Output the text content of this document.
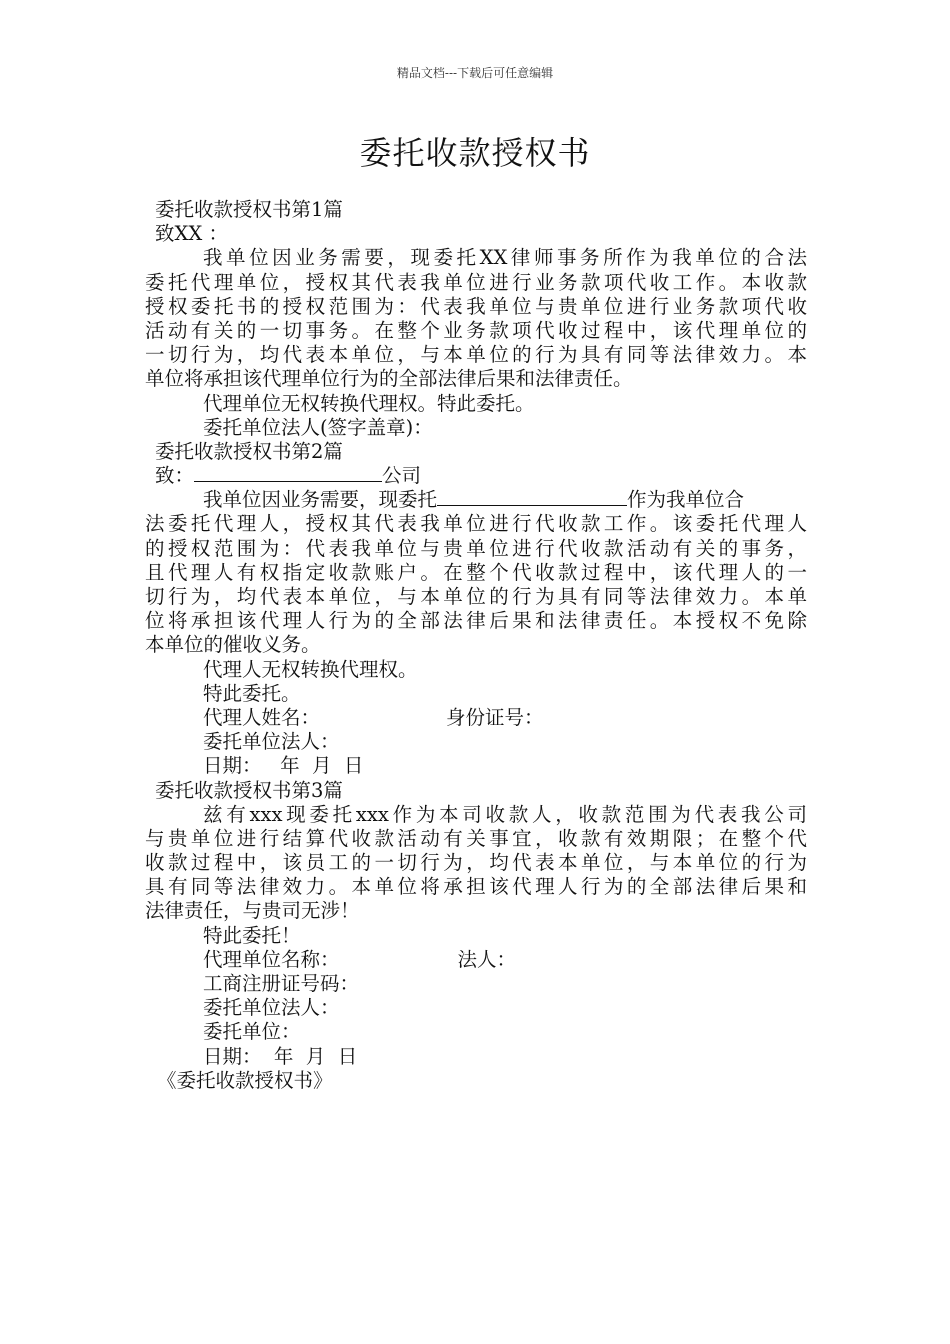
精品文档---下载后可任意编辑
委托收款授权书
委托收款授权书第1篇
致XX ：
我单位因业务需要，现委托XX律师事务所作为我单位的合法
委托代理单位，授权其代表我单位进行业务款项代收工作。本收款
授权委托书的授权范围为：代表我单位与贵单位进行业务款项代收
活动有关的一切事务。在整个业务款项代收过程中，该代理单位的
一切行为，均代表本单位，与本单位的行为具有同等法律效力。本
单位将承担该代理单位行为的全部法律后果和法律责任。
代理单位无权转换代理权。特此委托。
委托单位法人(签字盖章)：
委托收款授权书第2篇
致：	公司
我单位因业务需要，现委托	作为我单位合
法委托代理人，授权其代表我单位进行代收款工作。该委托代理人
的授权范围为：代表我单位与贵单位进行代收款活动有关的事务，
且代理人有权指定收款账户。在整个代收款过程中，该代理人的一
切行为，均代表本单位，与本单位的行为具有同等法律效力。本单
位将承担该代理人行为的全部法律后果和法律责任。本授权不免除
本单位的催收义务。
代理人无权转换代理权。
特此委托。
代理人姓名：	身份证号：
委托单位法人：
日期：   年  月  日
委托收款授权书第3篇
兹有xxx现委托xxx作为本司收款人，收款范围为代表我公司
与贵单位进行结算代收款活动有关事宜，收款有效期限；在整个代
收款过程中，该员工的一切行为，均代表本单位，与本单位的行为
具有同等法律效力。本单位将承担该代理人行为的全部法律后果和
法律责任，与贵司无涉！
特此委托！
代理单位名称：	法人：
工商注册证号码：
委托单位法人：
委托单位：
日期：  年  月  日
《委托收款授权书》
